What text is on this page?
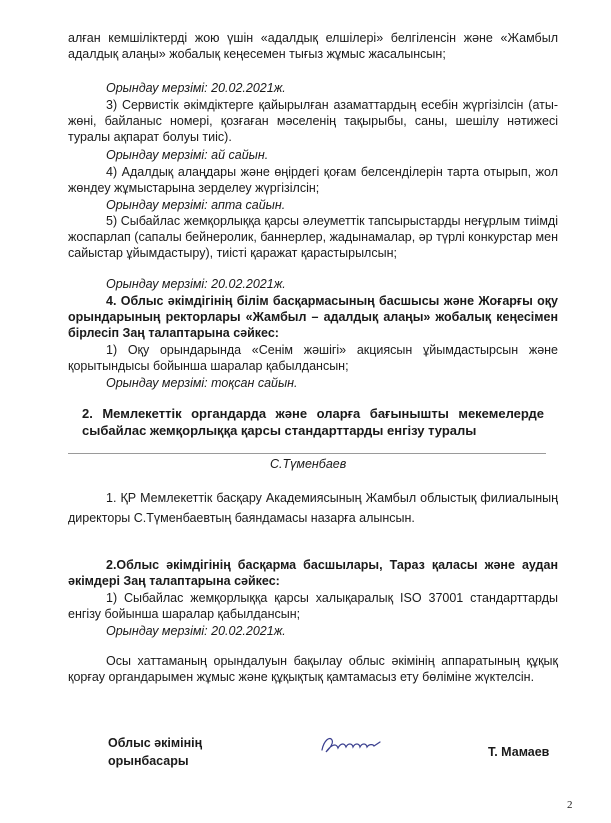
алған кемшіліктерді жою үшін «адалдық елшілері» белгіленсін және «Жамбыл адалдық алаңы» жобалық кеңесемен тығыз жұмыс жасалынсын;
Орындау мерзімі: 20.02.2021ж.
3) Сервистік әкімдіктерге қайырылған азаматтардың есебін жүргізілсін (аты-жөні, байланыс номері, қозғаған мәселенің тақырыбы, саны, шешілу нәтижесі туралы ақпарат болуы тиіс).
Орындау мерзімі: ай сайын.
4) Адалдық алаңдары және өңірдегі қоғам белсенділерін тарта отырып, жол жөндеу жұмыстарына зерделеу жүргізілсін;
Орындау мерзімі: апта сайын.
5) Сыбайлас жемқорлыққа қарсы әлеуметтік тапсырыстарды неғұрлым тиімді жоспарлап (сапалы бейнеролик, баннерлер, жадынамалар, әр түрлі конкурстар мен сайыстар ұйымдастыру), тиісті қаражат қарастырылсын;
Орындау мерзімі: 20.02.2021ж.
4. Облыс әкімдігінің білім басқармасының басшысы және Жоғарғы оқу орындарының ректорлары «Жамбыл – адалдық алаңы» жобалық кеңесімен бірлесіп Заң талаптарына сәйкес:
1) Оқу орындарында «Сенім жәшігі» акциясын ұйымдастырсын және қорытындысы бойынша шаралар қабылдансын;
Орындау мерзімі: тоқсан сайын.
2. Мемлекеттік органдарда және оларға бағынышты мекемелерде сыбайлас жемқорлыққа қарсы стандарттарды енгізу туралы
С.Түменбаев
1. ҚР Мемлекеттік басқару Академиясының Жамбыл облыстық филиалының директоры С.Түменбаевтың баяндамасы назарға алынсын.
2.Облыс әкімдігінің басқарма басшылары, Тараз қаласы және аудан әкімдері Заң талаптарына сәйкес:
1) Сыбайлас жемқорлыққа қарсы халықаралық ISO 37001 стандарттарды енгізу бойынша шаралар қабылдансын;
Орындау мерзімі: 20.02.2021ж.
Осы хаттаманың орындалуын бақылау облыс әкімінің аппаратының құқық қорғау органдарымен жұмыс және құқықтық қамтамасыз ету бөліміне жүктелсін.
Облыс әкімінің
орынбасары
Т. Мамаев
2
